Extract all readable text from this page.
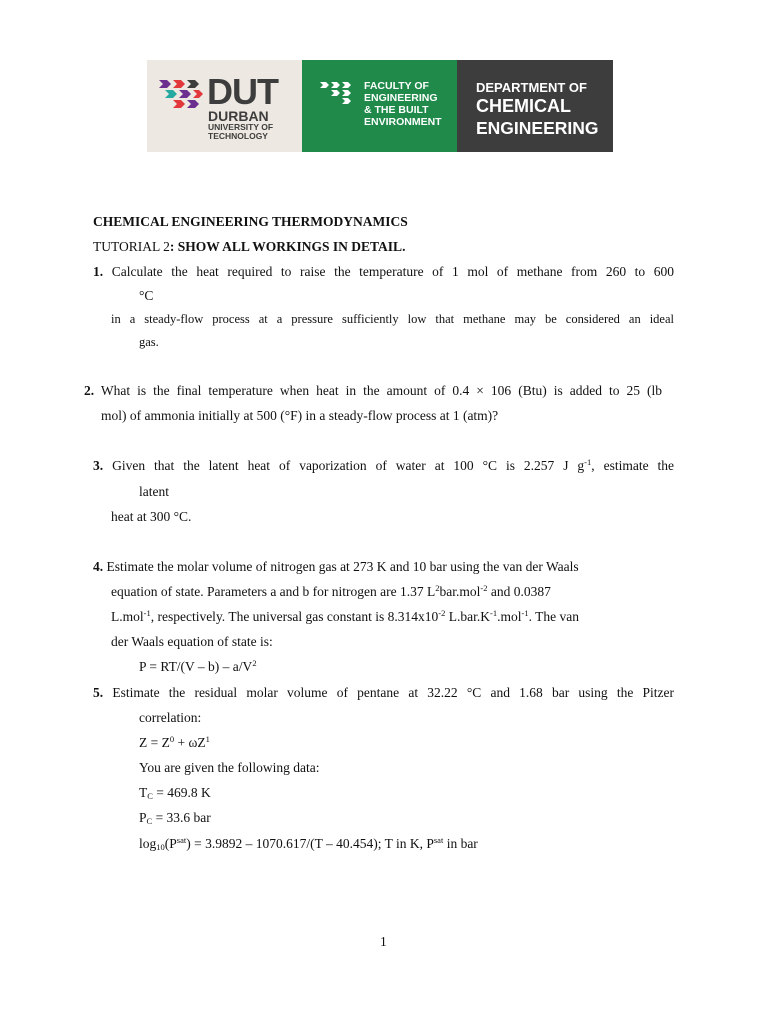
DUT
DURBAN
UNIVERSITY OF
TECHNOLOGY
FACULTY OF
ENGINEERING
& THE BUILT
ENVIRONMENT
DEPARTMENT OF
CHEMICAL
ENGINEERING
CHEMICAL ENGINEERING THERMODYNAMICS
TUTORIAL 2: SHOW ALL WORKINGS IN DETAIL.
1. Calculate the heat required to raise the temperature of 1 mol of methane from 260 to 600
°C
in a steady-flow process at a pressure sufficiently low that methane may be considered an ideal
gas.
2. What is the final temperature when heat in the amount of 0.4 × 106 (Btu) is added to 25 (lb
mol) of ammonia initially at 500 (°F) in a steady-flow process at 1 (atm)?
3. Given that the latent heat of vaporization of water at 100 °C is 2.257 J $g^{-1}$, estimate the
latent
heat at 300 °C.
4. Estimate the molar volume of nitrogen gas at 273 K and 10 bar using the van der Waals
equation of state. Parameters a and b for nitrogen are 1.37 $L^2bar.mol^{-2}$ and 0.0387
L.mol$^{-1}$, respectively. The universal gas constant is $8.314x10^{-2}$ $L.bar.K^{-1}.mol^{-1}$. The van
der Waals equation of state is:
$P = RT/(V - b) - a/V^2$
5. Estimate the residual molar volume of pentane at 32.22 °C and 1.68 bar using the Pitzer
correlation:
$Z = Z^0 + \omega Z^1$
You are given the following data:
$T_C = 469.8$ K
$P_C = 33.6$ bar
$\log_{10}(P^{sat}) = 3.9892 - 1070.617/(T - 40.454)$; T in K, $P^{sat}$ in bar
1
